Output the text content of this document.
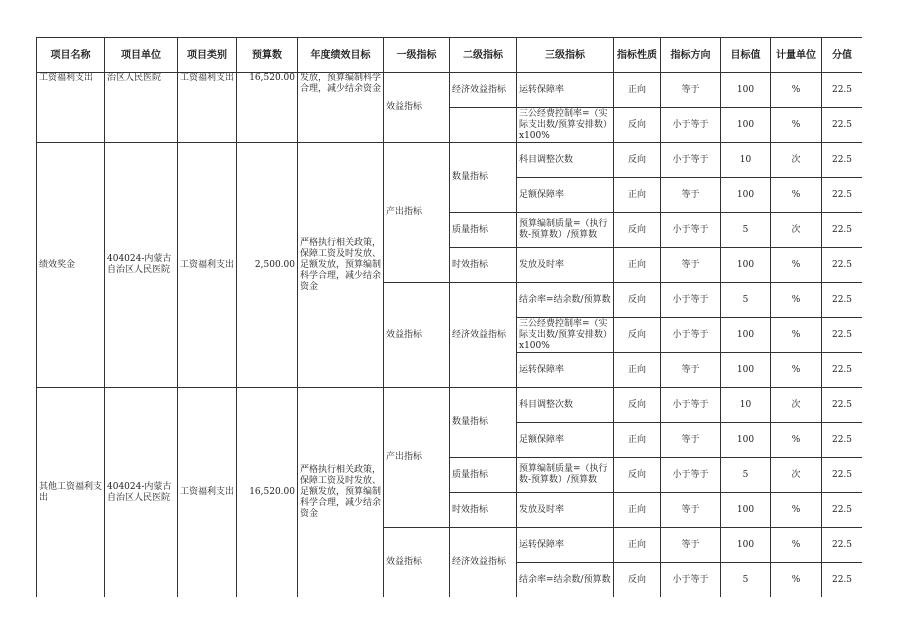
项目名称	项目单位	项目类别	预算数	年度绩效目标	一级指标	二级指标	三级指标	指标性质	指标方向	目标值	计量单位	分值
工资福利支出	治区人民医院	工资福利支出	16,520.00	发放，预算编制科学合理，减少结余资金	效益指标	经济效益指标	运转保障率	正向	等于	100	%	22.5
							三公经费控制率=（实际支出数/预算安排数）x100%	反向	小于等于	100	%	22.5
绩效奖金	404024-内蒙古自治区人民医院	工资福利支出	2,500.00	严格执行相关政策，保障工资及时发放、足额发放，预算编制科学合理，减少结余资金	产出指标	数量指标	科目调整次数	反向	小于等于	10	次	22.5
							足额保障率	正向	等于	100	%	22.5
						质量指标	预算编制质量=（执行数-预算数）/预算数	反向	小于等于	5	次	22.5
						时效指标	发放及时率	正向	等于	100	%	22.5
					效益指标	经济效益指标	结余率=结余数/预算数	反向	小于等于	5	%	22.5
							三公经费控制率=（实际支出数/预算安排数）x100%	反向	小于等于	100	%	22.5
							运转保障率	正向	等于	100	%	22.5
其他工资福利支出	404024-内蒙古自治区人民医院	工资福利支出	16,520.00	严格执行相关政策，保障工资及时发放、足额发放，预算编制科学合理，减少结余资金	产出指标	数量指标	科目调整次数	反向	小于等于	10	次	22.5
							足额保障率	正向	等于	100	%	22.5
						质量指标	预算编制质量=（执行数-预算数）/预算数	反向	小于等于	5	次	22.5
						时效指标	发放及时率	正向	等于	100	%	22.5
					效益指标	经济效益指标	运转保障率	正向	等于	100	%	22.5
							结余率=结余数/预算数	反向	小于等于	5	%	22.5
